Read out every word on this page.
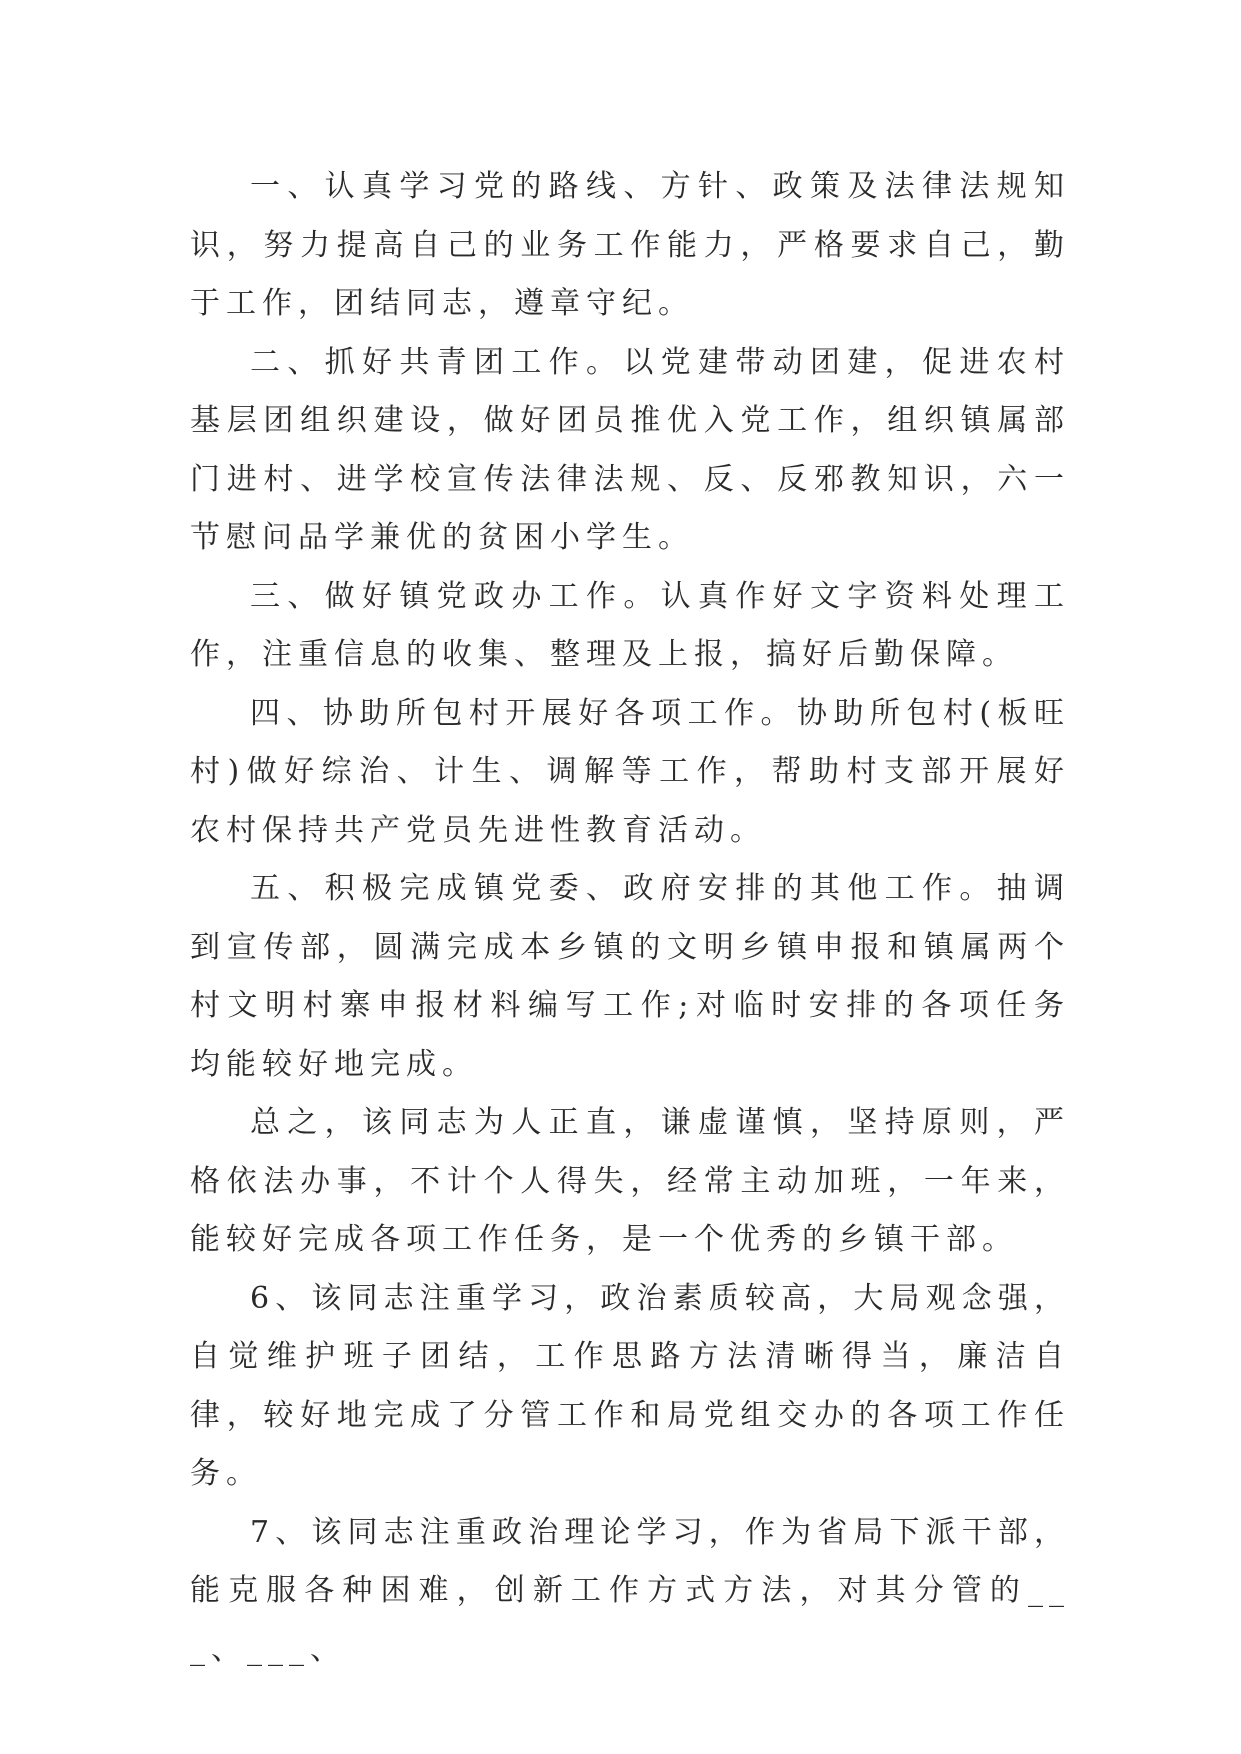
一、认真学习党的路线、方针、政策及法律法规知识，努力提高自己的业务工作能力，严格要求自己，勤于工作，团结同志，遵章守纪。

二、抓好共青团工作。以党建带动团建，促进农村基层团组织建设，做好团员推优入党工作，组织镇属部门进村、进学校宣传法律法规、反、反邪教知识，六一节慰问品学兼优的贫困小学生。

三、做好镇党政办工作。认真作好文字资料处理工作，注重信息的收集、整理及上报，搞好后勤保障。

四、协助所包村开展好各项工作。协助所包村(板旺村)做好综治、计生、调解等工作，帮助村支部开展好农村保持共产党员先进性教育活动。

五、积极完成镇党委、政府安排的其他工作。抽调到宣传部，圆满完成本乡镇的文明乡镇申报和镇属两个村文明村寨申报材料编写工作;对临时安排的各项任务均能较好地完成。

总之，该同志为人正直，谦虚谨慎，坚持原则，严格依法办事，不计个人得失，经常主动加班，一年来，能较好完成各项工作任务，是一个优秀的乡镇干部。

6、该同志注重学习，政治素质较高，大局观念强，自觉维护班子团结，工作思路方法清晰得当，廉洁自律，较好地完成了分管工作和局党组交办的各项工作任务。

7、该同志注重政治理论学习，作为省局下派干部，能克服各种困难，创新工作方式方法，对其分管的___、___、
